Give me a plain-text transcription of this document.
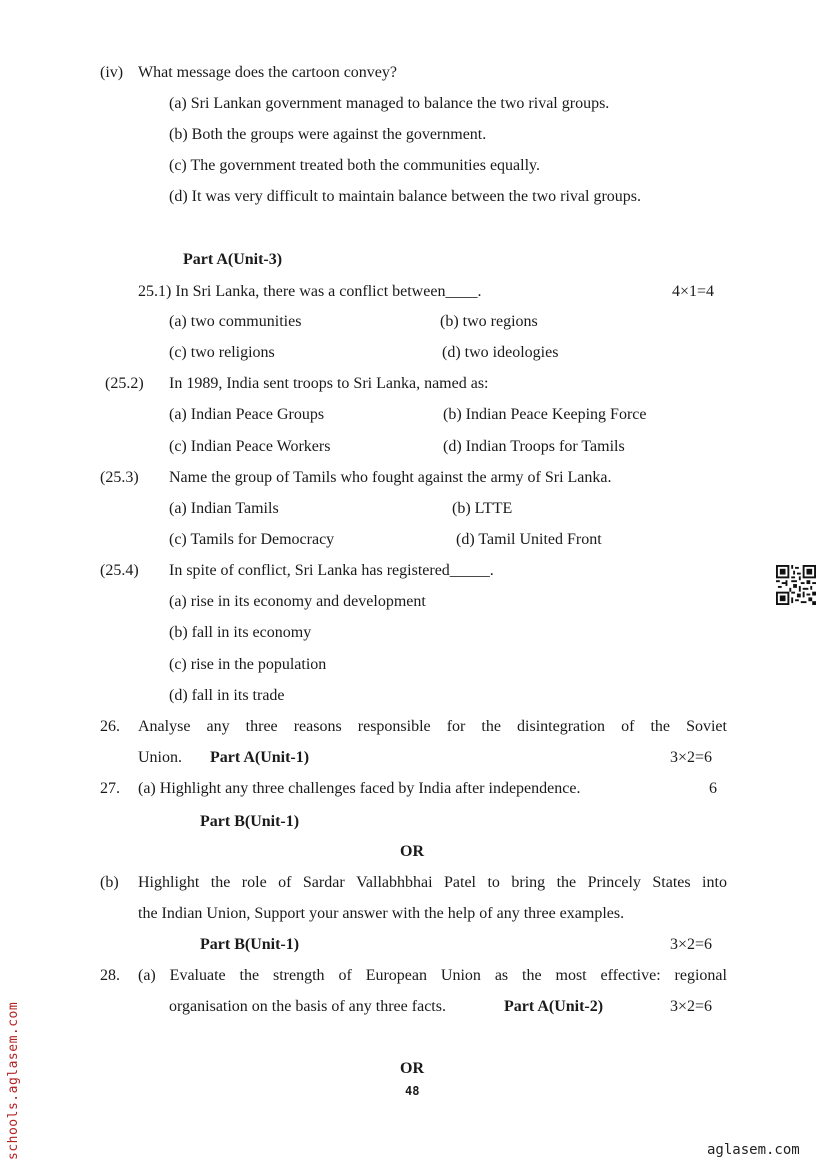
(iv) What message does the cartoon convey?
(a) Sri Lankan government managed to balance the two rival groups.
(b) Both the groups were against the government.
(c) The government treated both the communities equally.
(d) It was very difficult to maintain balance between the two rival groups.
Part A(Unit-3)
25.1) In Sri Lanka, there was a conflict between____.	4×1=4
(a) two communities	(b) two regions
(c) two religions	(d) two ideologies
(25.2) In 1989, India sent troops to Sri Lanka, named as:
(a) Indian Peace Groups	(b) Indian Peace Keeping Force
(c) Indian Peace Workers	(d) Indian Troops for Tamils
(25.3) Name the group of Tamils who fought against the army of Sri Lanka.
(a) Indian Tamils	(b) LTTE
(c) Tamils for Democracy	(d) Tamil United Front
(25.4) In spite of conflict, Sri Lanka has registered_____.
(a) rise in its economy and development
(b) fall in its economy
(c) rise in the population
(d) fall in its trade
26. Analyse any three reasons responsible for the disintegration of the Soviet
Union. Part A(Unit-1)	3×2=6
27. (a) Highlight any three challenges faced by India after independence.	6
Part B(Unit-1)
OR
(b) Highlight the role of Sardar Vallabhbhai Patel to bring the Princely States into
the Indian Union, Support your answer with the help of any three examples.
Part B(Unit-1)	3×2=6
28. (a) Evaluate the strength of European Union as the most effective: regional
organisation on the basis of any three facts.	Part A(Unit-2)	3×2=6
OR
48
schools.aglasem.com	aglasem.com
